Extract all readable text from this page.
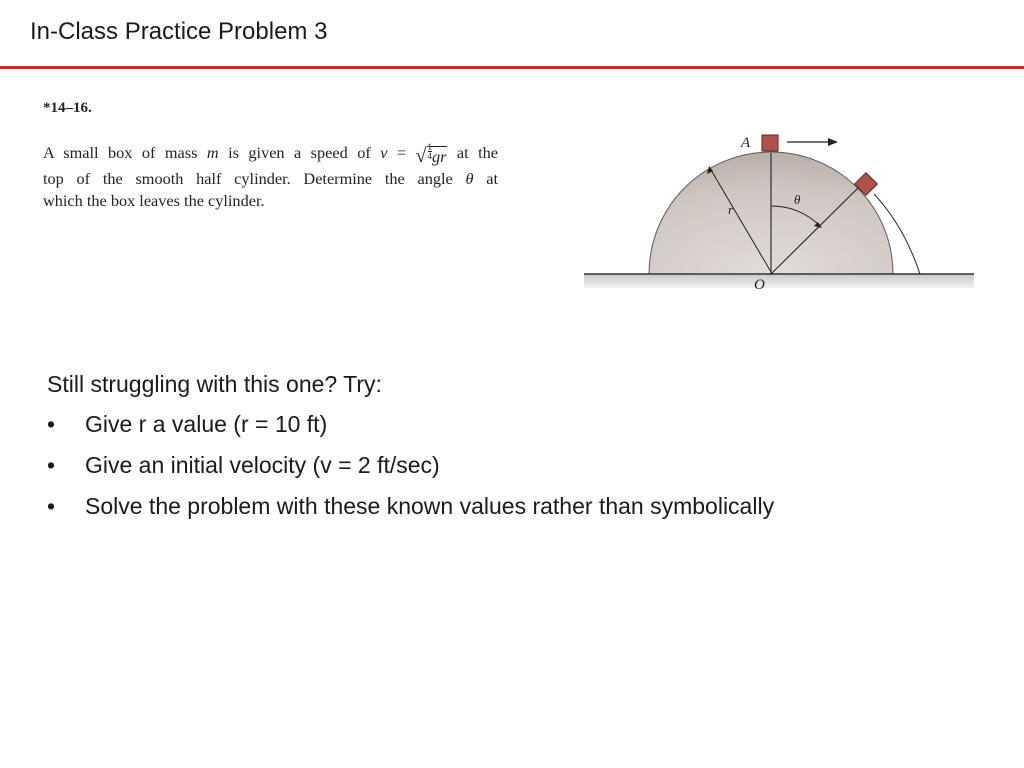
In-Class Practice Problem 3
*14–16.
A small box of mass m is given a speed of v = √ $\frac{1}{4}$ gr at the
top of the smooth half cylinder. Determine the angle θ at
which the box leaves the cylinder.
A
r
θ
O
Still struggling with this one? Try:
• Give r a value (r = 10 ft)
• Give an initial velocity (v = 2 ft/sec)
• Solve the problem with these known values rather than symbolically
